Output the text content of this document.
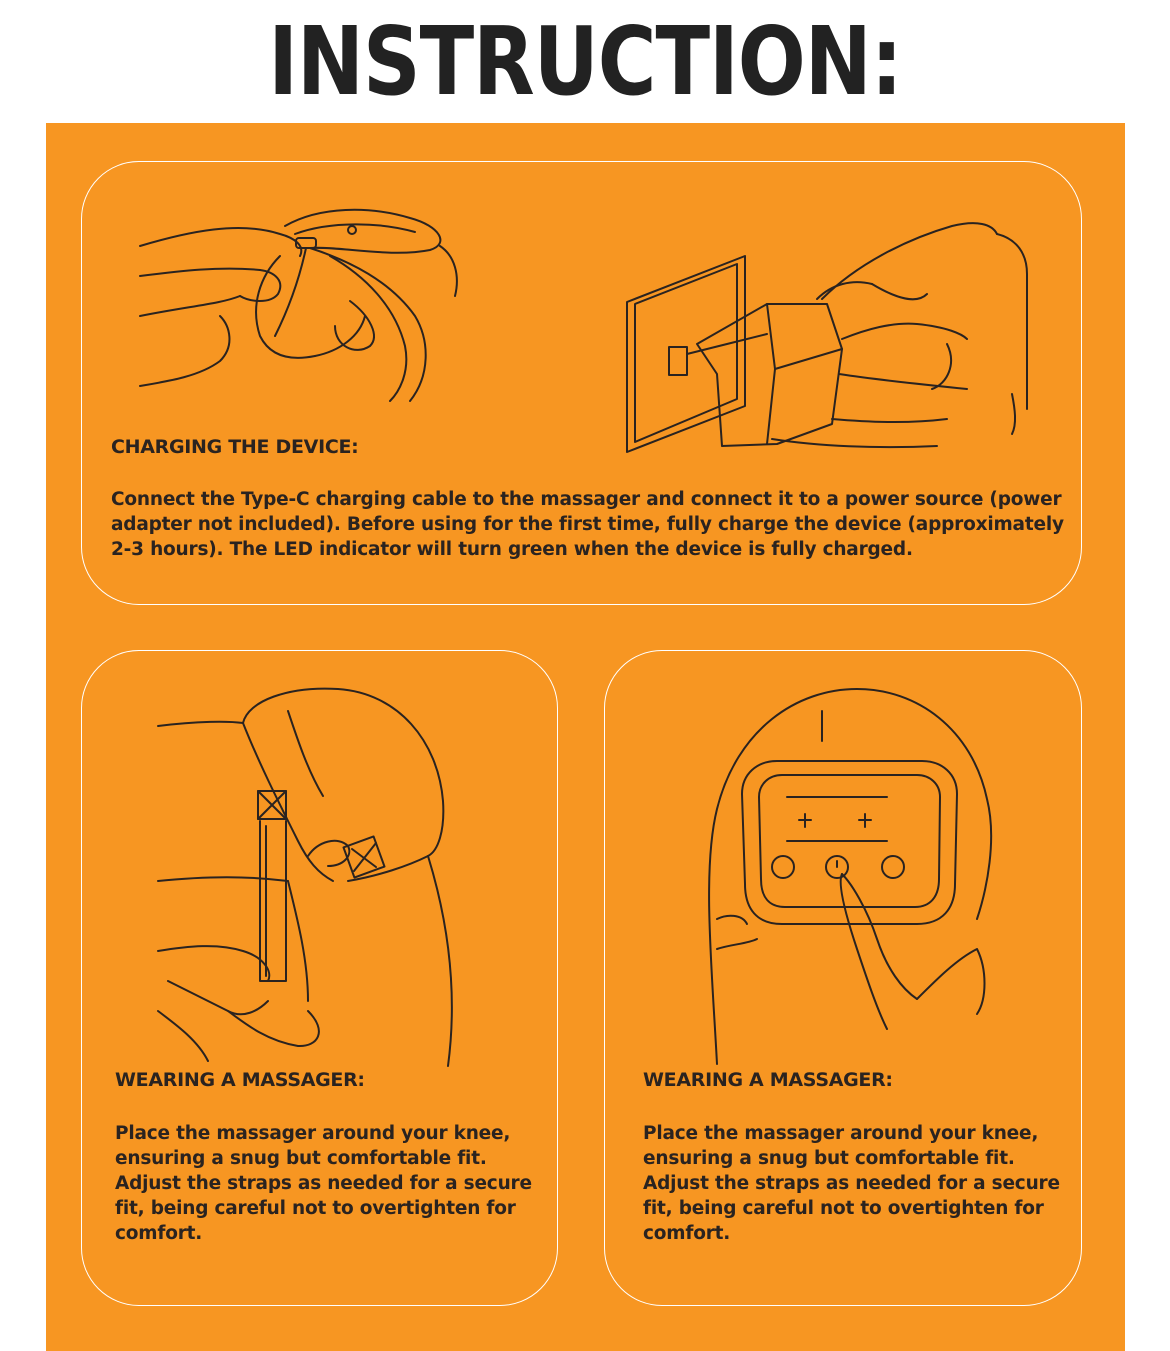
INSTRUCTION:
CHARGING THE DEVICE:
Connect the Type-C charging cable to the massager and connect it to a power source (power
adapter not included). Before using for the first time, fully charge the device (approximately
2-3 hours). The LED indicator will turn green when the device is fully charged.
WEARING A MASSAGER:
Place the massager around your knee,
ensuring a snug but comfortable fit.
Adjust the straps as needed for a secure
fit, being careful not to overtighten for
comfort.
WEARING A MASSAGER:
Place the massager around your knee,
ensuring a snug but comfortable fit.
Adjust the straps as needed for a secure
fit, being careful not to overtighten for
comfort.
